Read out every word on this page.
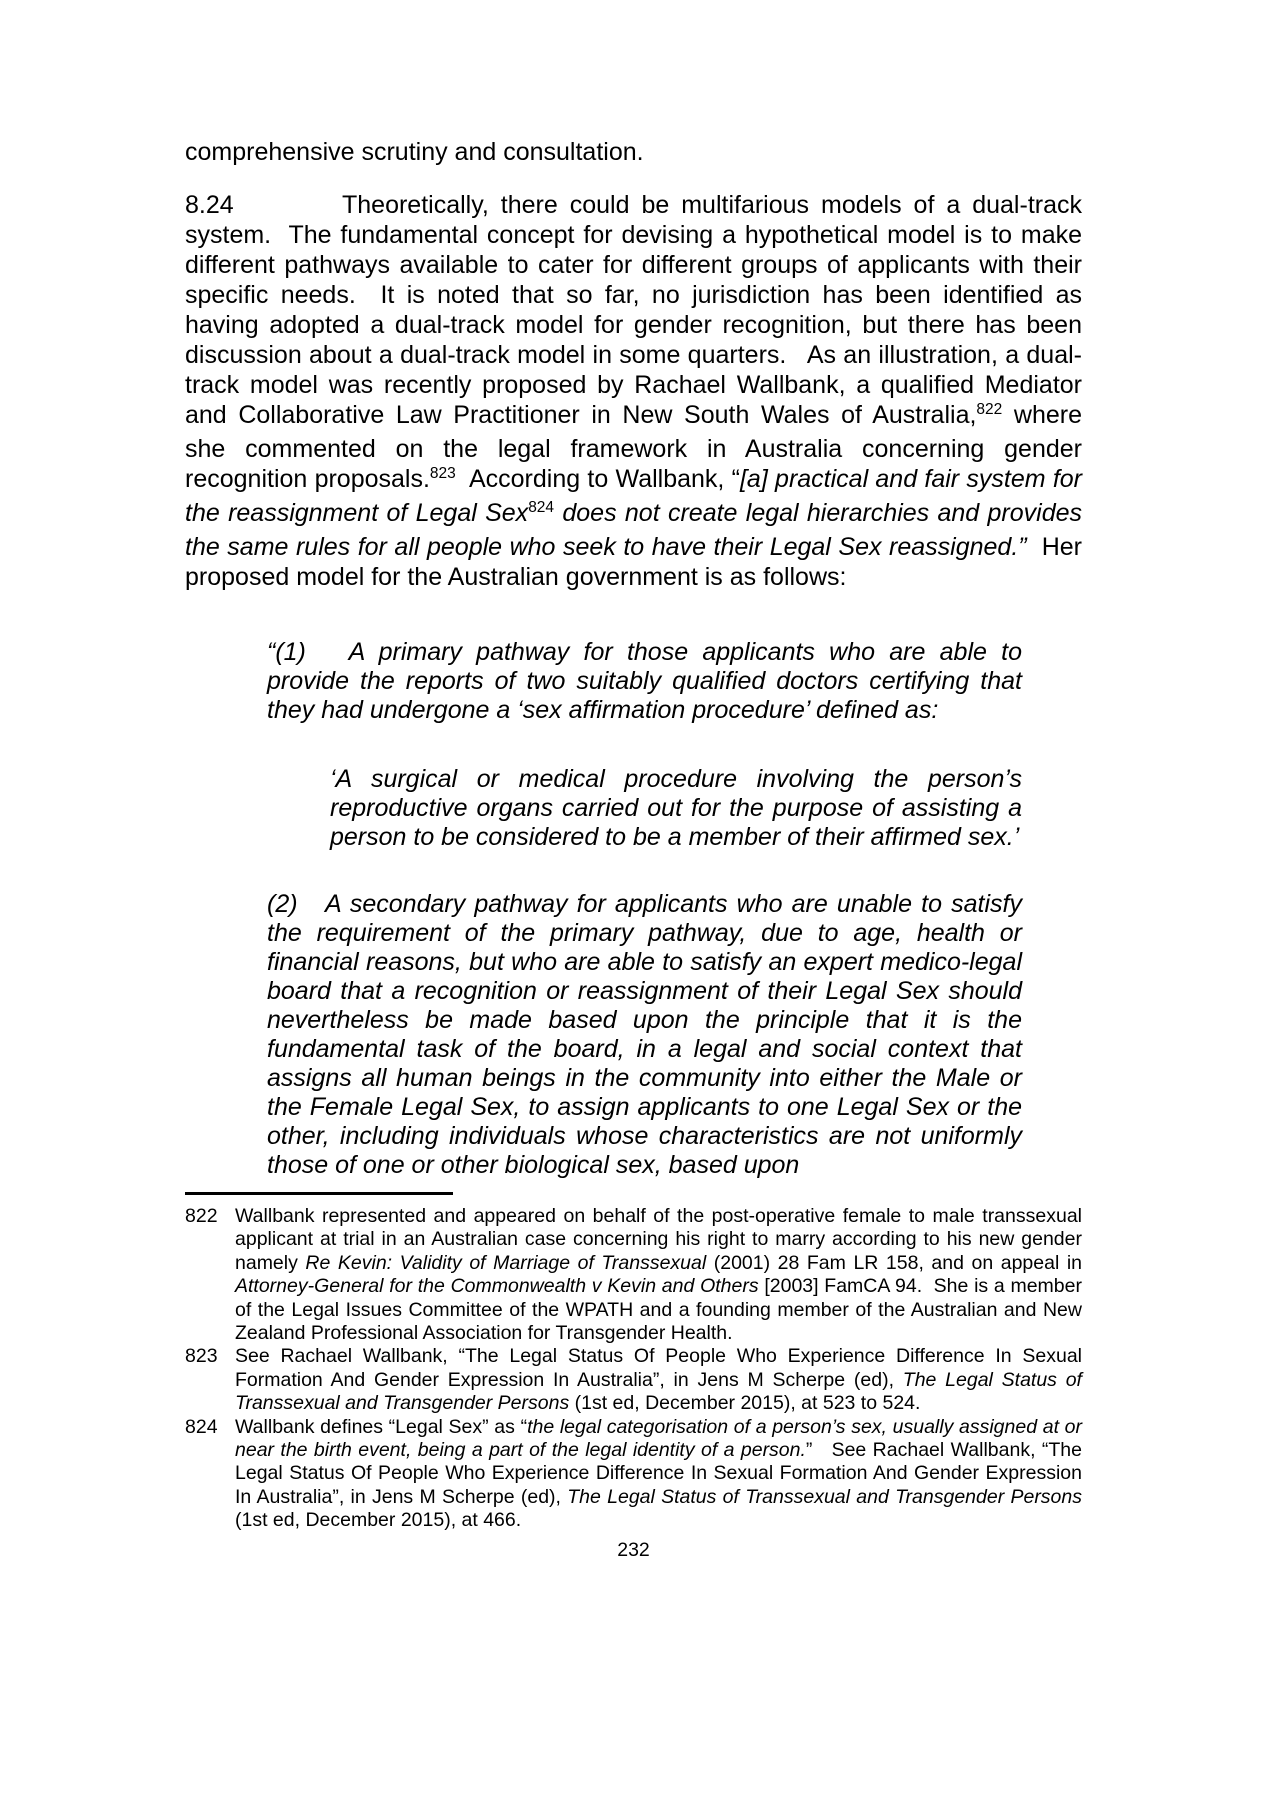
comprehensive scrutiny and consultation.
8.24	Theoretically, there could be multifarious models of a dual-track system.  The fundamental concept for devising a hypothetical model is to make different pathways available to cater for different groups of applicants with their specific needs.  It is noted that so far, no jurisdiction has been identified as having adopted a dual-track model for gender recognition, but there has been discussion about a dual-track model in some quarters.   As an illustration, a dual-track model was recently proposed by Rachael Wallbank, a qualified Mediator and Collaborative Law Practitioner in New South Wales of Australia,$^{822}$ where she commented on the legal framework in Australia concerning gender recognition proposals.$^{823}$  According to Wallbank, “[a] practical and fair system for the reassignment of Legal Sex$^{824}$ does not create legal hierarchies and provides the same rules for all people who seek to have their Legal Sex reassigned.”  Her proposed model for the Australian government is as follows:
“(1)   A primary pathway for those applicants who are able to provide the reports of two suitably qualified doctors certifying that they had undergone a ‘sex affirmation procedure’ defined as:
‘A surgical or medical procedure involving the person’s reproductive organs carried out for the purpose of assisting a person to be considered to be a member of their affirmed sex.’
(2)   A secondary pathway for applicants who are unable to satisfy the requirement of the primary pathway, due to age, health or financial reasons, but who are able to satisfy an expert medico-legal board that a recognition or reassignment of their Legal Sex should nevertheless be made based upon the principle that it is the fundamental task of the board, in a legal and social context that assigns all human beings in the community into either the Male or the Female Legal Sex, to assign applicants to one Legal Sex or the other, including individuals whose characteristics are not uniformly those of one or other biological sex, based upon
822 Wallbank represented and appeared on behalf of the post-operative female to male transsexual applicant at trial in an Australian case concerning his right to marry according to his new gender namely Re Kevin: Validity of Marriage of Transsexual (2001) 28 Fam LR 158, and on appeal in Attorney-General for the Commonwealth v Kevin and Others [2003] FamCA 94.  She is a member of the Legal Issues Committee of the WPATH and a founding member of the Australian and New Zealand Professional Association for Transgender Health.
823 See Rachael Wallbank, “The Legal Status Of People Who Experience Difference In Sexual Formation And Gender Expression In Australia”, in Jens M Scherpe (ed), The Legal Status of Transsexual and Transgender Persons (1st ed, December 2015), at 523 to 524.
824 Wallbank defines “Legal Sex” as “the legal categorisation of a person’s sex, usually assigned at or near the birth event, being a part of the legal identity of a person.”   See Rachael Wallbank, “The Legal Status Of People Who Experience Difference In Sexual Formation And Gender Expression In Australia”, in Jens M Scherpe (ed), The Legal Status of Transsexual and Transgender Persons (1st ed, December 2015), at 466.
232
